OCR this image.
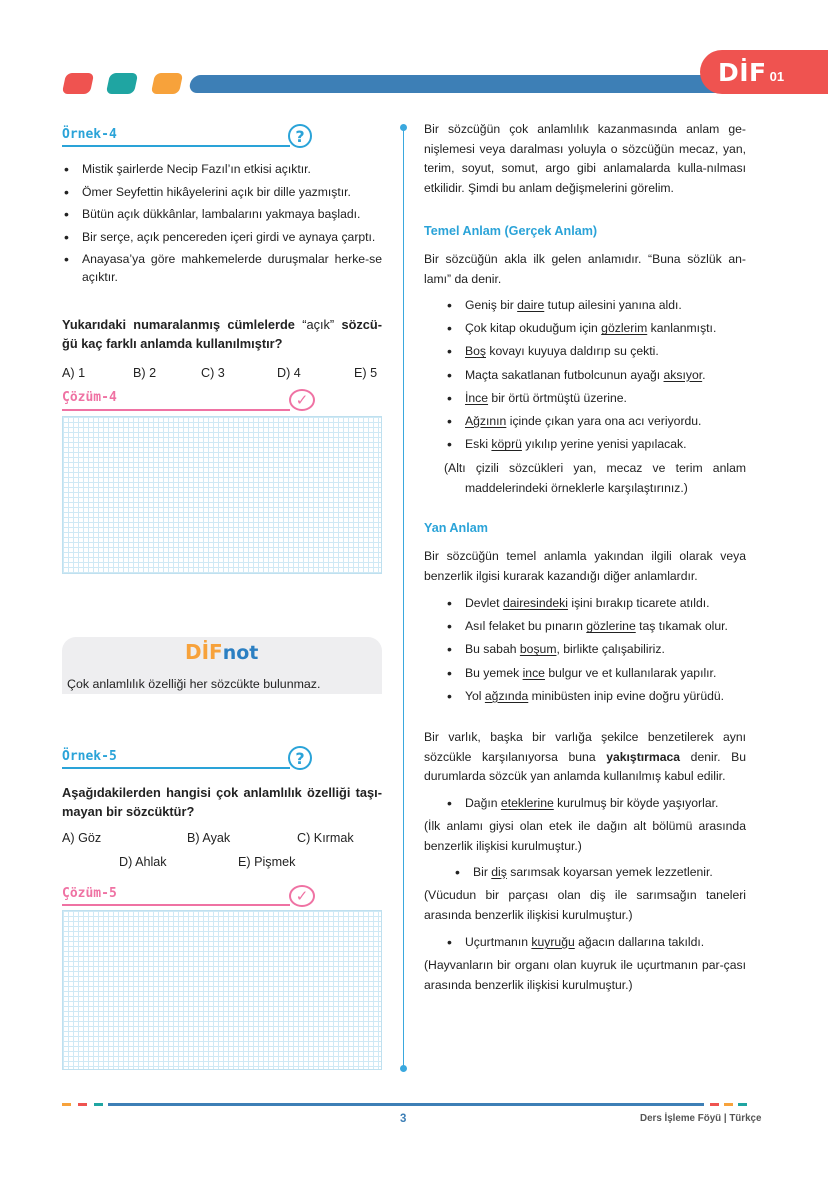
DİF 01
Örnek-4	?
• Mistik şairlerde Necip Fazıl’ın etkisi açıktır.
• Ömer Seyfettin hikâyelerini açık bir dille yazmıştır.
• Bütün açık dükkânlar, lambalarını yakmaya başladı.
• Bir serçe, açık pencereden içeri girdi ve aynaya çarptı.
• Anayasa’ya göre mahkemelerde duruşmalar herke-se açıktır.
Yukarıdaki numaralanmış cümlelerde “açık” sözcü-ğü kaç farklı anlamda kullanılmıştır?
A) 1	B) 2	C) 3	D) 4	E) 5
Çözüm-4	✓
DİFnot
Çok anlamlılık özelliği her sözcükte bulunmaz.
Örnek-5	?
Aşağıdakilerden hangisi çok anlamlılık özelliği taşı-mayan bir sözcüktür?
A) Göz	B) Ayak	C) Kırmak
D) Ahlak	E) Pişmek
Çözüm-5	✓
Bir sözcüğün çok anlamlılık kazanmasında anlam ge-nişlemesi veya daralması yoluyla o sözcüğün mecaz, yan, terim, soyut, somut, argo gibi anlamalarda kulla-nılması etkilidir. Şimdi bu anlam değişmelerini görelim.
Temel Anlam (Gerçek Anlam)
Bir sözcüğün akla ilk gelen anlamıdır. “Buna sözlük an-lamı” da denir.
• Geniş bir daire tutup ailesini yanına aldı.
• Çok kitap okuduğum için gözlerim kanlanmıştı.
• Boş kovayı kuyuya daldırıp su çekti.
• Maçta sakatlanan futbolcunun ayağı aksıyor.
• İnce bir örtü örtmüştü üzerine.
• Ağzının içinde çıkan yara ona acı veriyordu.
• Eski köprü yıkılıp yerine yenisi yapılacak.
(Altı çizili sözcükleri yan, mecaz ve terim anlam maddelerindeki örneklerle karşılaştırınız.)
Yan Anlam
Bir sözcüğün temel anlamla yakından ilgili olarak veya benzerlik ilgisi kurarak kazandığı diğer anlamlardır.
• Devlet dairesindeki işini bırakıp ticarete atıldı.
• Asıl felaket bu pınarın gözlerine taş tıkamak olur.
• Bu sabah boşum, birlikte çalışabiliriz.
• Bu yemek ince bulgur ve et kullanılarak yapılır.
• Yol ağzında minibüsten inip evine doğru yürüdü.
Bir varlık, başka bir varlığa şekilce benzetilerek aynı sözcükle karşılanıyorsa buna yakıştırmaca denir. Bu durumlarda sözcük yan anlamda kullanılmış kabul edilir.
• Dağın eteklerine kurulmuş bir köyde yaşıyorlar.
(İlk anlamı giysi olan etek ile dağın alt bölümü arasında benzerlik ilişkisi kurulmuştur.)
• Bir diş sarımsak koyarsan yemek lezzetlenir.
(Vücudun bir parçası olan diş ile sarımsağın taneleri arasında benzerlik ilişkisi kurulmuştur.)
• Uçurtmanın kuyruğu ağacın dallarına takıldı.
(Hayvanların bir organı olan kuyruk ile uçurtmanın par-çası arasında benzerlik ilişkisi kurulmuştur.)
3	Ders İşleme Föyü | Türkçe
